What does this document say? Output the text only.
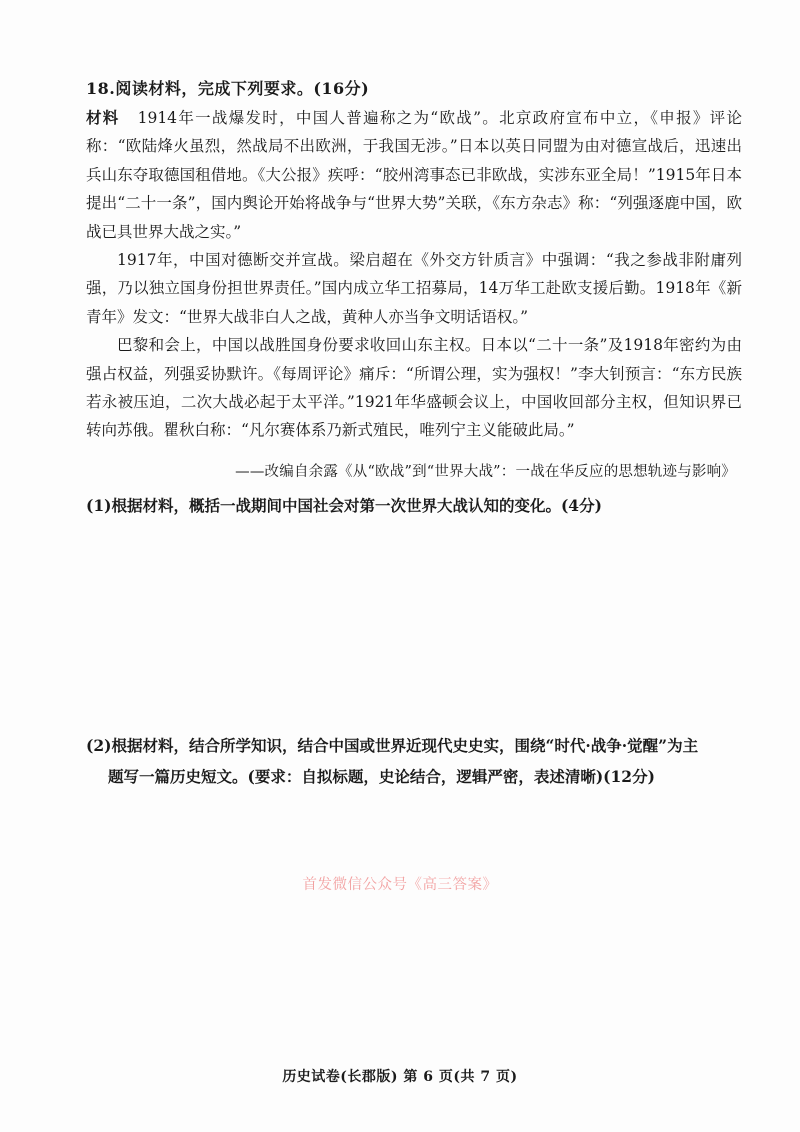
18.阅读材料，完成下列要求。(16分)

材料 1914年一战爆发时，中国人普遍称之为“欧战”。北京政府宣布中立，《申报》评论称：“欧陆烽火虽烈，然战局不出欧洲，于我国无涉。”日本以英日同盟为由对德宣战后，迅速出兵山东夺取德国租借地。《大公报》疾呼：“胶州湾事态已非欧战，实涉东亚全局！”1915年日本提出“二十一条”，国内舆论开始将战争与“世界大势”关联，《东方杂志》称：“列强逐鹿中国，欧战已具世界大战之实。”

1917年，中国对德断交并宣战。梁启超在《外交方针质言》中强调：“我之参战非附庸列强，乃以独立国身份担世界责任。”国内成立华工招募局，14万华工赴欧支援后勤。1918年《新青年》发文：“世界大战非白人之战，黄种人亦当争文明话语权。”

巴黎和会上，中国以战胜国身份要求收回山东主权。日本以“二十一条”及1918年密约为由强占权益，列强妥协默许。《每周评论》痛斥：“所谓公理，实为强权！”李大钊预言：“东方民族若永被压迫，二次大战必起于太平洋。”1921年华盛顿会议上，中国收回部分主权，但知识界已转向苏俄。瞿秋白称：“凡尔赛体系乃新式殖民，唯列宁主义能破此局。”

——改编自余露《从“欧战”到“世界大战”：一战在华反应的思想轨迹与影响》
(1)根据材料，概括一战期间中国社会对第一次世界大战认知的变化。(4分)
(2)根据材料，结合所学知识，结合中国或世界近现代史史实，围绕“时代·战争·觉醒”为主
题写一篇历史短文。(要求：自拟标题，史论结合，逻辑严密，表述清晰)(12分)
首发微信公众号《高三答案》
历史试卷(长郡版) 第 6 页(共 7 页)
